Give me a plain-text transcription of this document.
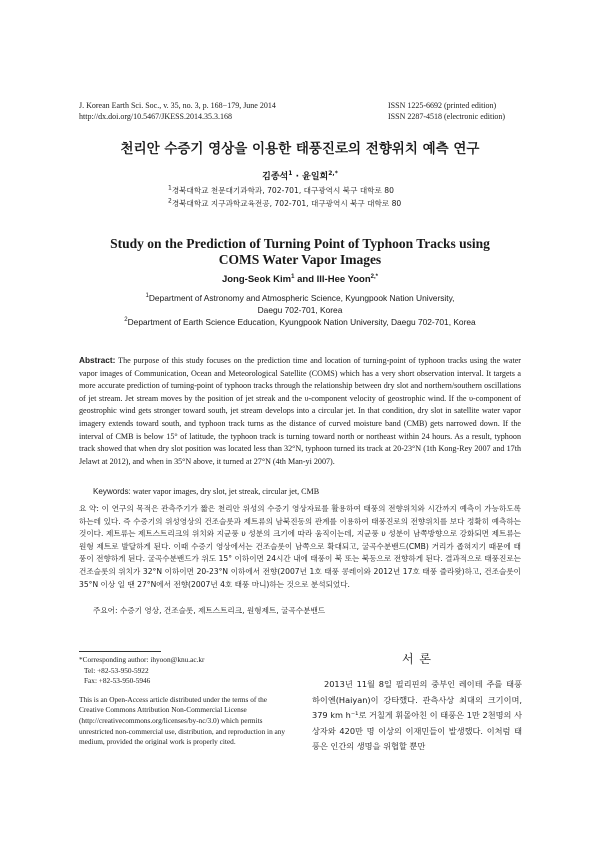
J. Korean Earth Sci. Soc., v. 35, no. 3, p. 168−179, June 2014
http://dx.doi.org/10.5467/JKESS.2014.35.3.168
ISSN 1225-6692 (printed edition)
ISSN 2287-4518 (electronic edition)
천리안 수증기 영상을 이용한 태풍진로의 전향위치 예측 연구
김종석$^1$ · 윤일희$^{2,*}$
$^1$경북대학교 천문대기과학과, 702-701, 대구광역시 북구 대학로 80
$^2$경북대학교 지구과학교육전공, 702-701, 대구광역시 북구 대학로 80
Study on the Prediction of Turning Point of Typhoon Tracks using
COMS Water Vapor Images
Jong-Seok Kim$^1$ and Ill-Hee Yoon$^{2,*}$
$^1$Department of Astronomy and Atmospheric Science, Kyungpook Nation University,
Daegu 702-701, Korea
$^2$Department of Earth Science Education, Kyungpook Nation University, Daegu 702-701, Korea
Abstract: The purpose of this study focuses on the prediction time and location of turning-point of typhoon tracks using the water vapor images of Communication, Ocean and Meteorological Satellite (COMS) which has a very short observation interval. It targets a more accurate prediction of turning-point of typhoon tracks through the relationship between dry slot and northern/southern oscillations of jet stream. Jet stream moves by the position of jet streak and the υ-component velocity of geostrophic wind. If the υ-component of geostrophic wind gets stronger toward south, jet stream develops into a circular jet. In that condition, dry slot in satellite water vapor imagery extends toward south, and typhoon track turns as the distance of curved moisture band (CMB) gets narrowed down. If the interval of CMB is below 15° of latitude, the typhoon track is turning toward north or northeast within 24 hours. As a result, typhoon track showed that when dry slot position was located less than 32°N, typhoon turned its track at 20-23°N (1th Kong-Rey 2007 and 17th Jelawt at 2012), and when in 35°N above, it turned at 27°N (4th Man-yi 2007).
Keywords: water vapor images, dry slot, jet streak, circular jet, CMB
요 약: 이 연구의 목적은 관측주기가 짧은 천리안 위성의 수증기 영상자료를 활용하여 태풍의 전향위치와 시간까지 예측이 가능하도록 하는데 있다. 즉 수증기의 위성영상의 건조슬롯과 제트류의 남북진동의 관계를 이용하여 태풍진로의 전향위치를 보다 정확히 예측하는 것이다. 제트류는 제트스트리크의 위치와 지균풍 υ 성분의 크기에 따라 움직이는데, 지균풍 υ 성분이 남쪽방향으로 강화되면 제트류는 원형 제트로 발달하게 된다. 이때 수증기 영상에서는 건조슬롯이 남쪽으로 확대되고, 굴곡수분밴드(CMB) 거리가 좁혀지기 때문에 태풍이 전향하게 된다. 굴곡수분밴드가 위도 15° 이하이면 24시간 내에 태풍이 북 또는 북동으로 전향하게 된다. 결과적으로 태풍진로는 건조슬롯의 위치가 32°N 이하이면 20-23°N 이하에서 전향(2007년 1호 태풍 콩레이와 2012년 17호 태풍 즐라왓)하고, 건조슬롯이 35°N 이상 일 땐 27°N에서 전향(2007년 4호 태풍 마니)하는 것으로 분석되었다.
주요어: 수증기 영상, 건조슬롯, 제트스트리크, 원형제트, 굴곡수분밴드
*Corresponding author: ihyoon@knu.ac.kr
Tel: +82-53-950-5922
Fax: +82-53-950-5946
This is an Open-Access article distributed under the terms of the Creative Commons Attribution Non-Commercial License (http://creativecommons.org/licenses/by-nc/3.0) which permits unrestricted non-commercial use, distribution, and reproduction in any medium, provided the original work is properly cited.
서 론
2013년 11월 8일 필리핀의 중부인 레이테 주를 태풍 하이옌(Haiyan)이 강타했다. 관측사상 최대의 크기이며, 379 km h⁻¹로 거칠게 휘몰아친 이 태풍은 1만 2천명의 사상자와 420만 명 이상의 이재민들이 발생했다. 이처럼 태풍은 인간의 생명을 위협할 뿐만
